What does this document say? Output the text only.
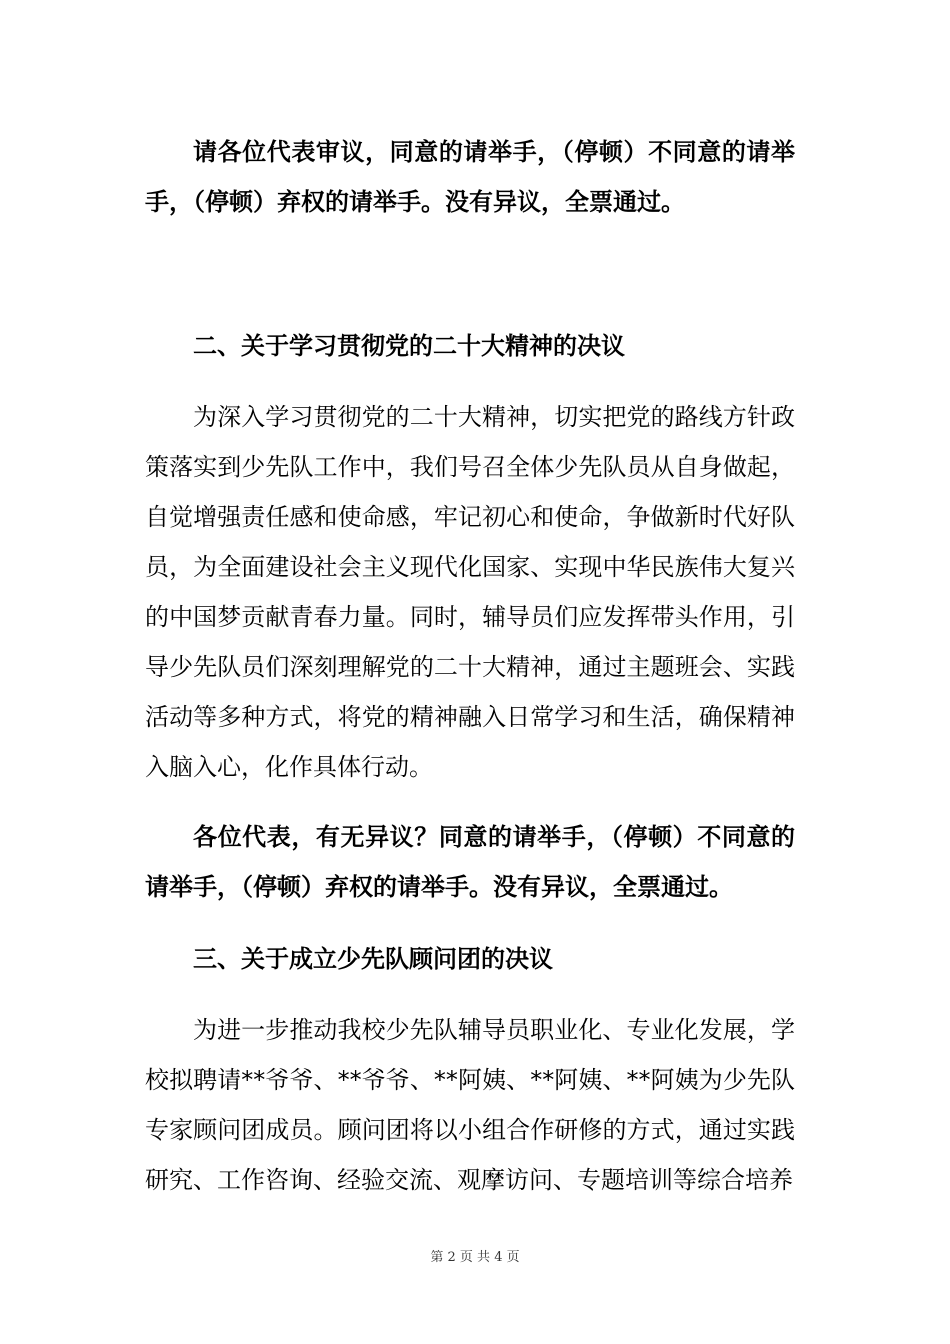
请各位代表审议，同意的请举手，（停顿）不同意的请举手，（停顿）弃权的请举手。没有异议，全票通过。

二、关于学习贯彻党的二十大精神的决议

为深入学习贯彻党的二十大精神，切实把党的路线方针政策落实到少先队工作中，我们号召全体少先队员从自身做起，自觉增强责任感和使命感，牢记初心和使命，争做新时代好队员，为全面建设社会主义现代化国家、实现中华民族伟大复兴的中国梦贡献青春力量。同时，辅导员们应发挥带头作用，引导少先队员们深刻理解党的二十大精神，通过主题班会、实践活动等多种方式，将党的精神融入日常学习和生活，确保精神入脑入心，化作具体行动。

各位代表，有无异议？同意的请举手，（停顿）不同意的请举手，（停顿）弃权的请举手。没有异议，全票通过。

三、关于成立少先队顾问团的决议

为进一步推动我校少先队辅导员职业化、专业化发展，学校拟聘请**爷爷、**爷爷、**阿姨、**阿姨、**阿姨为少先队专家顾问团成员。顾问团将以小组合作研修的方式，通过实践研究、工作咨询、经验交流、观摩访问、专题培训等综合培养

第 2 页 共 4 页
